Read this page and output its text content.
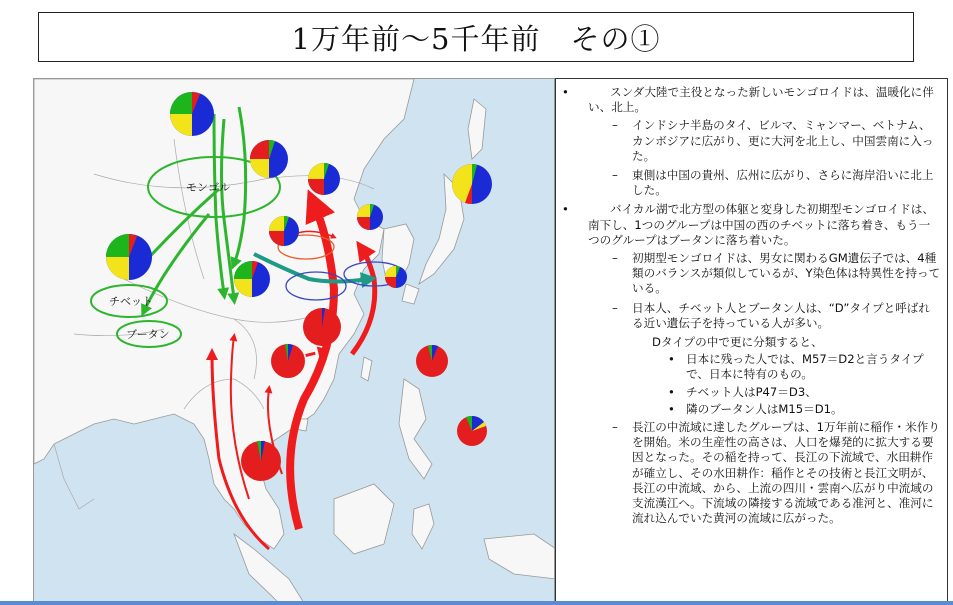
1万年前～5千年前　その①
モンゴル
チベット
ブータン
•	スンダ大陸で主役となった新しいモンゴロイドは、温暖化に伴い、北上。
– インドシナ半島のタイ、ビルマ、ミャンマー、ベトナム、カンボジアに広がり、更に大河を北上し、中国雲南に入った。
– 東側は中国の貴州、広州に広がり、さらに海岸沿いに北上した。
•	バイカル湖で北方型の体躯と変身した初期型モンゴロイドは、南下し、1つのグループは中国の西のチベットに落ち着き、もう一つのグループはブータンに落ち着いた。
– 初期型モンゴロイドは、男女に関わるGM遺伝子では、4種類のバランスが類似しているが、Y染色体は特異性を持っている。
– 日本人、チベット人とブータン人は、“D”タイプと呼ばれる近い遺伝子を持っている人が多い。
Dタイプの中で更に分類すると、
• 日本に残った人では、M57＝D2と言うタイプで、日本に特有のもの。
• チベット人はP47＝D3、
• 隣のブータン人はM15＝D1。
– 長江の中流域に達したグループは、1万年前に稲作・米作りを開始。米の生産性の高さは、人口を爆発的に拡大する要因となった。その稲を持って、長江の下流域で、水田耕作が確立し、その水田耕作：稲作とその技術と長江文明が、長江の中流域、から、上流の四川・雲南へ広がり中流域の支流漢江へ。下流域の隣接する流域である准河と、准河に流れ込んでいた黄河の流域に広がった。
